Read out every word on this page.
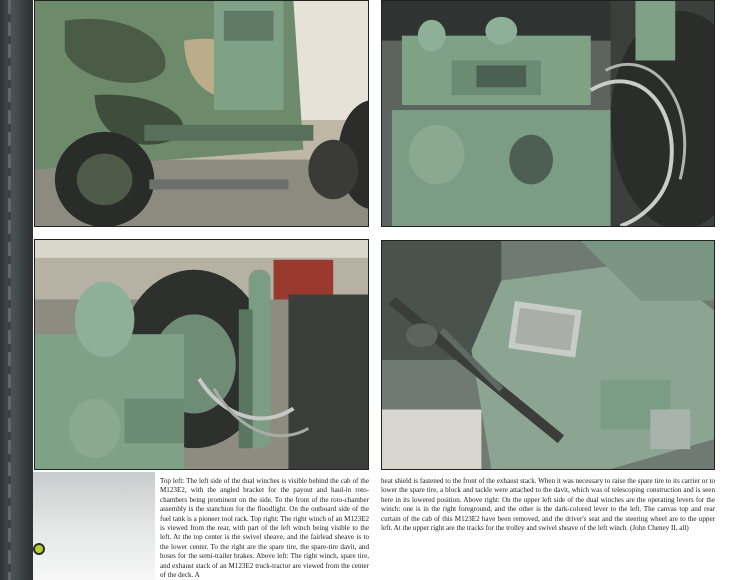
Top left: The left side of the dual winches is visible behind the cab of the M123E2, with the angled bracket for the payout and haul-in roto-chambers being prominent on the side. To the front of the roto-chamber assembly is the stanchion for the floodlight. On the outboard side of the fuel tank is a pioneer tool rack. Top right: The right winch of an M123E2 is viewed from the rear, with part of the left winch being visible to the left. At the top center is the swivel sheave, and the fairlead sheave is to the lower center. To the right are the spare tire, the spare-tire davit, and hoses for the semi-trailer brakes. Above left: The right winch, spare tire, and exhaust stack of an M123E2 truck-tractor are viewed from the center of the deck. A

heat shield is fastened to the front of the exhaust stack. When it was necessary to raise the spare tire to its carrier or to lower the spare tire, a block and tackle were attached to the davit, which was of telescoping construction and is seen here in its lowered position. Above right: On the upper left side of the dual winches are the operating levers for the winch: one is in the right foreground, and the other is the dark-colored lever to the left. The canvas top and rear curtain of the cab of this M123E2 have been removed, and the driver's seat and the steering wheel are to the upper left. At the upper right are the tracks for the trolley and swivel sheave of the left winch. (John Cheney II, all)
